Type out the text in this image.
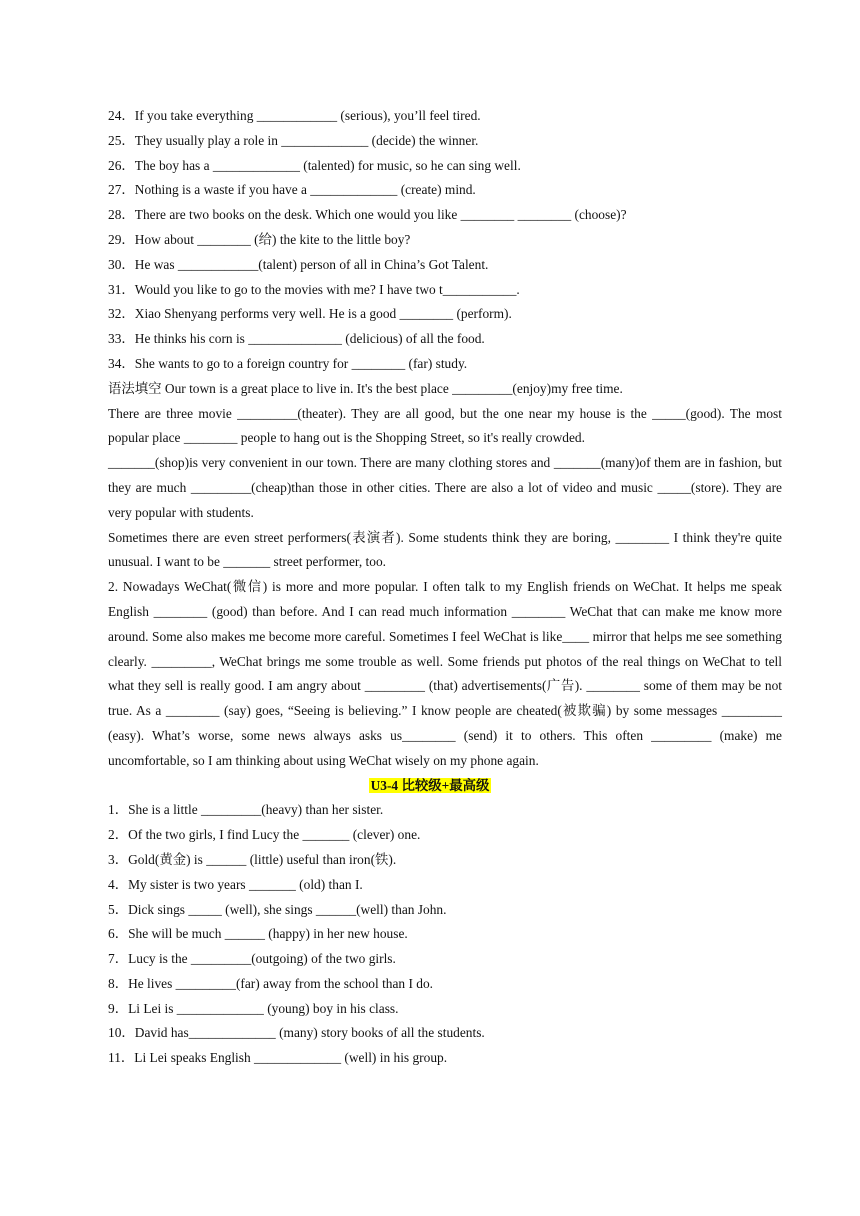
24．If you take everything ____________ (serious), you’ll feel tired.

25．They usually play a role in _____________ (decide) the winner.

26．The boy has a _____________ (talented) for music, so he can sing well.

27．Nothing is a waste if you have a _____________ (create) mind.

28．There are two books on the desk. Which one would you like ________ ________ (choose)?

29．How about ________ (给) the kite to the little boy?

30．He was ____________(talent) person of all in China’s Got Talent.

31．Would you like to go to the movies with me? I have two t___________.

32．Xiao Shenyang performs very well. He is a good ________ (perform).

33．He thinks his corn is ______________ (delicious) of all the food.

34．She wants to go to a foreign country for ________ (far) study.

语法填空 Our town is a great place to live in. It's the best place _________(enjoy)my free time.

There are three movie _________(theater). They are all good, but the one near my house is the _____(good). The most popular place ________ people to hang out is the Shopping Street, so it's really crowded.

_______(shop)is very convenient in our town. There are many clothing stores and _______(many)of them are in fashion, but they are much _________(cheap)than those in other cities. There are also a lot of video and music _____(store). They are very popular with students.

Sometimes there are even street performers(表演者). Some students think they are boring, ________ I think they're quite unusual. I want to be _______ street performer, too.

2. Nowadays WeChat(微信) is more and more popular. I often talk to my English friends on WeChat. It helps me speak English ________ (good) than before. And I can read much information ________ WeChat that can make me know more around. Some also makes me become more careful. Sometimes I feel WeChat is like____ mirror that helps me see something clearly. _________, WeChat brings me some trouble as well. Some friends put photos of the real things on WeChat to tell what they sell is really good. I am angry about _________ (that) advertisements(广告). ________ some of them may be not true. As a ________ (say) goes, “Seeing is believing.” I know people are cheated(被欺骗) by some messages _________ (easy). What’s worse, some news always asks us________ (send) it to others. This often _________ (make) me uncomfortable, so I am thinking about using WeChat wisely on my phone again.

U3-4 比较级+最高级

1．She is a little _________(heavy) than her sister.

2．Of the two girls, I find Lucy the _______ (clever) one.

3．Gold(黄金) is ______ (little) useful than iron(铁).

4．My sister is two years _______ (old) than I.

5．Dick sings _____ (well), she sings ______(well) than John.

6．She will be much ______ (happy) in her new house.

7．Lucy is the _________(outgoing) of the two girls.

8．He lives _________(far) away from the school than I do.

9．Li Lei is _____________ (young) boy in his class.

10．David has_____________ (many) story books of all the students.

11．Li Lei speaks English _____________ (well) in his group.
